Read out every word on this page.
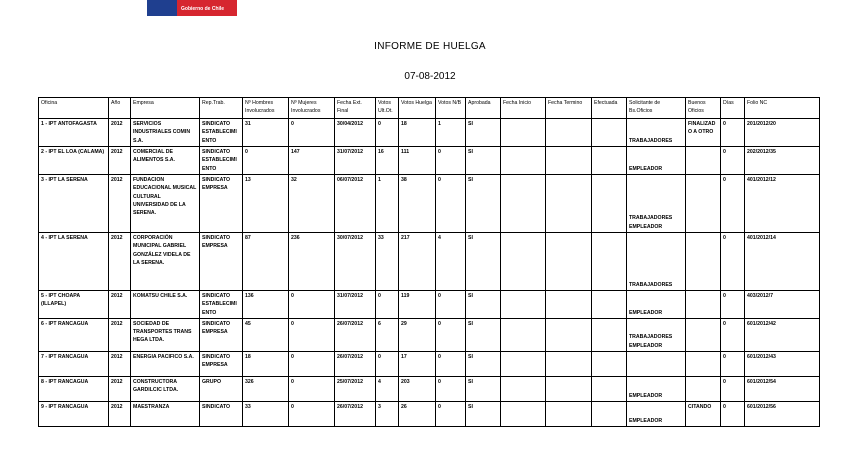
Gobierno de Chile
INFORME DE HUELGA
07-08-2012
Oficina	Año	Empresa	Rep.Trab.	Nº Hombres Involucrados	Nº Mujeres Involucrados	Fecha Ext. Final	Votos Ult.Ot.	Votos Huelga	Votos N/B	Aprobada	Fecha Inicio	Fecha Termino	Efectuada	Solicitante de Bs.Oficios	Buenos Oficios	Días	Folio NC
1 - IPT ANTOFAGASTA	2012	SERVICIOS INDUSTRIALES COMIN S.A.	SINDICATO ESTABLECIMIENTO	31	0	30/04/2012	0	18	1	SI				TRABAJADORES	FINALIZADO A OTRO	0	201/2012/20
2 - IPT EL LOA (CALAMA)	2012	COMERCIAL DE ALIMENTOS S.A.	SINDICATO ESTABLECIMIENTO	0	147	31/07/2012	16	111	0	SI				EMPLEADOR		0	202/2012/35
3 - IPT LA SERENA	2012	FUNDACION EDUCACIONAL MUSICAL CULTURAL UNIVERSIDAD DE LA SERENA.	SINDICATO EMPRESA	13	32	06/07/2012	1	38	0	SI				TRABAJADORES EMPLEADOR		0	401/2012/12
4 - IPT LA SERENA	2012	CORPORACIÓN MUNICIPAL GABRIEL GONZÁLEZ VIDELA DE LA SERENA.	SINDICATO EMPRESA	87	236	30/07/2012	33	217	4	SI				TRABAJADORES		0	401/2012/14
5 - IPT CHOAPA (ILLAPEL)	2012	KOMATSU CHILE S.A.	SINDICATO ESTABLECIMIENTO	136	0	31/07/2012	0	119	0	SI				EMPLEADOR		0	403/2012/7
6 - IPT RANCAGUA	2012	SOCIEDAD DE TRANSPORTES TRANS HEGA LTDA.	SINDICATO EMPRESA	45	0	26/07/2012	6	29	0	SI				TRABAJADORES EMPLEADOR		0	601/2012/42
7 - IPT RANCAGUA	2012	ENERGIA PACIFICO S.A.	SINDICATO EMPRESA	18	0	26/07/2012	0	17	0	SI						0	601/2012/43
8 - IPT RANCAGUA	2012	CONSTRUCTORA GARDILCIC LTDA.	GRUPO	326	0	25/07/2012	4	203	0	SI				EMPLEADOR		0	601/2012/54
9 - IPT RANCAGUA	2012	MAESTRANZA	SINDICATO	33	0	26/07/2012	3	26	0	SI				EMPLEADOR	CITANDO	0	601/2012/56
